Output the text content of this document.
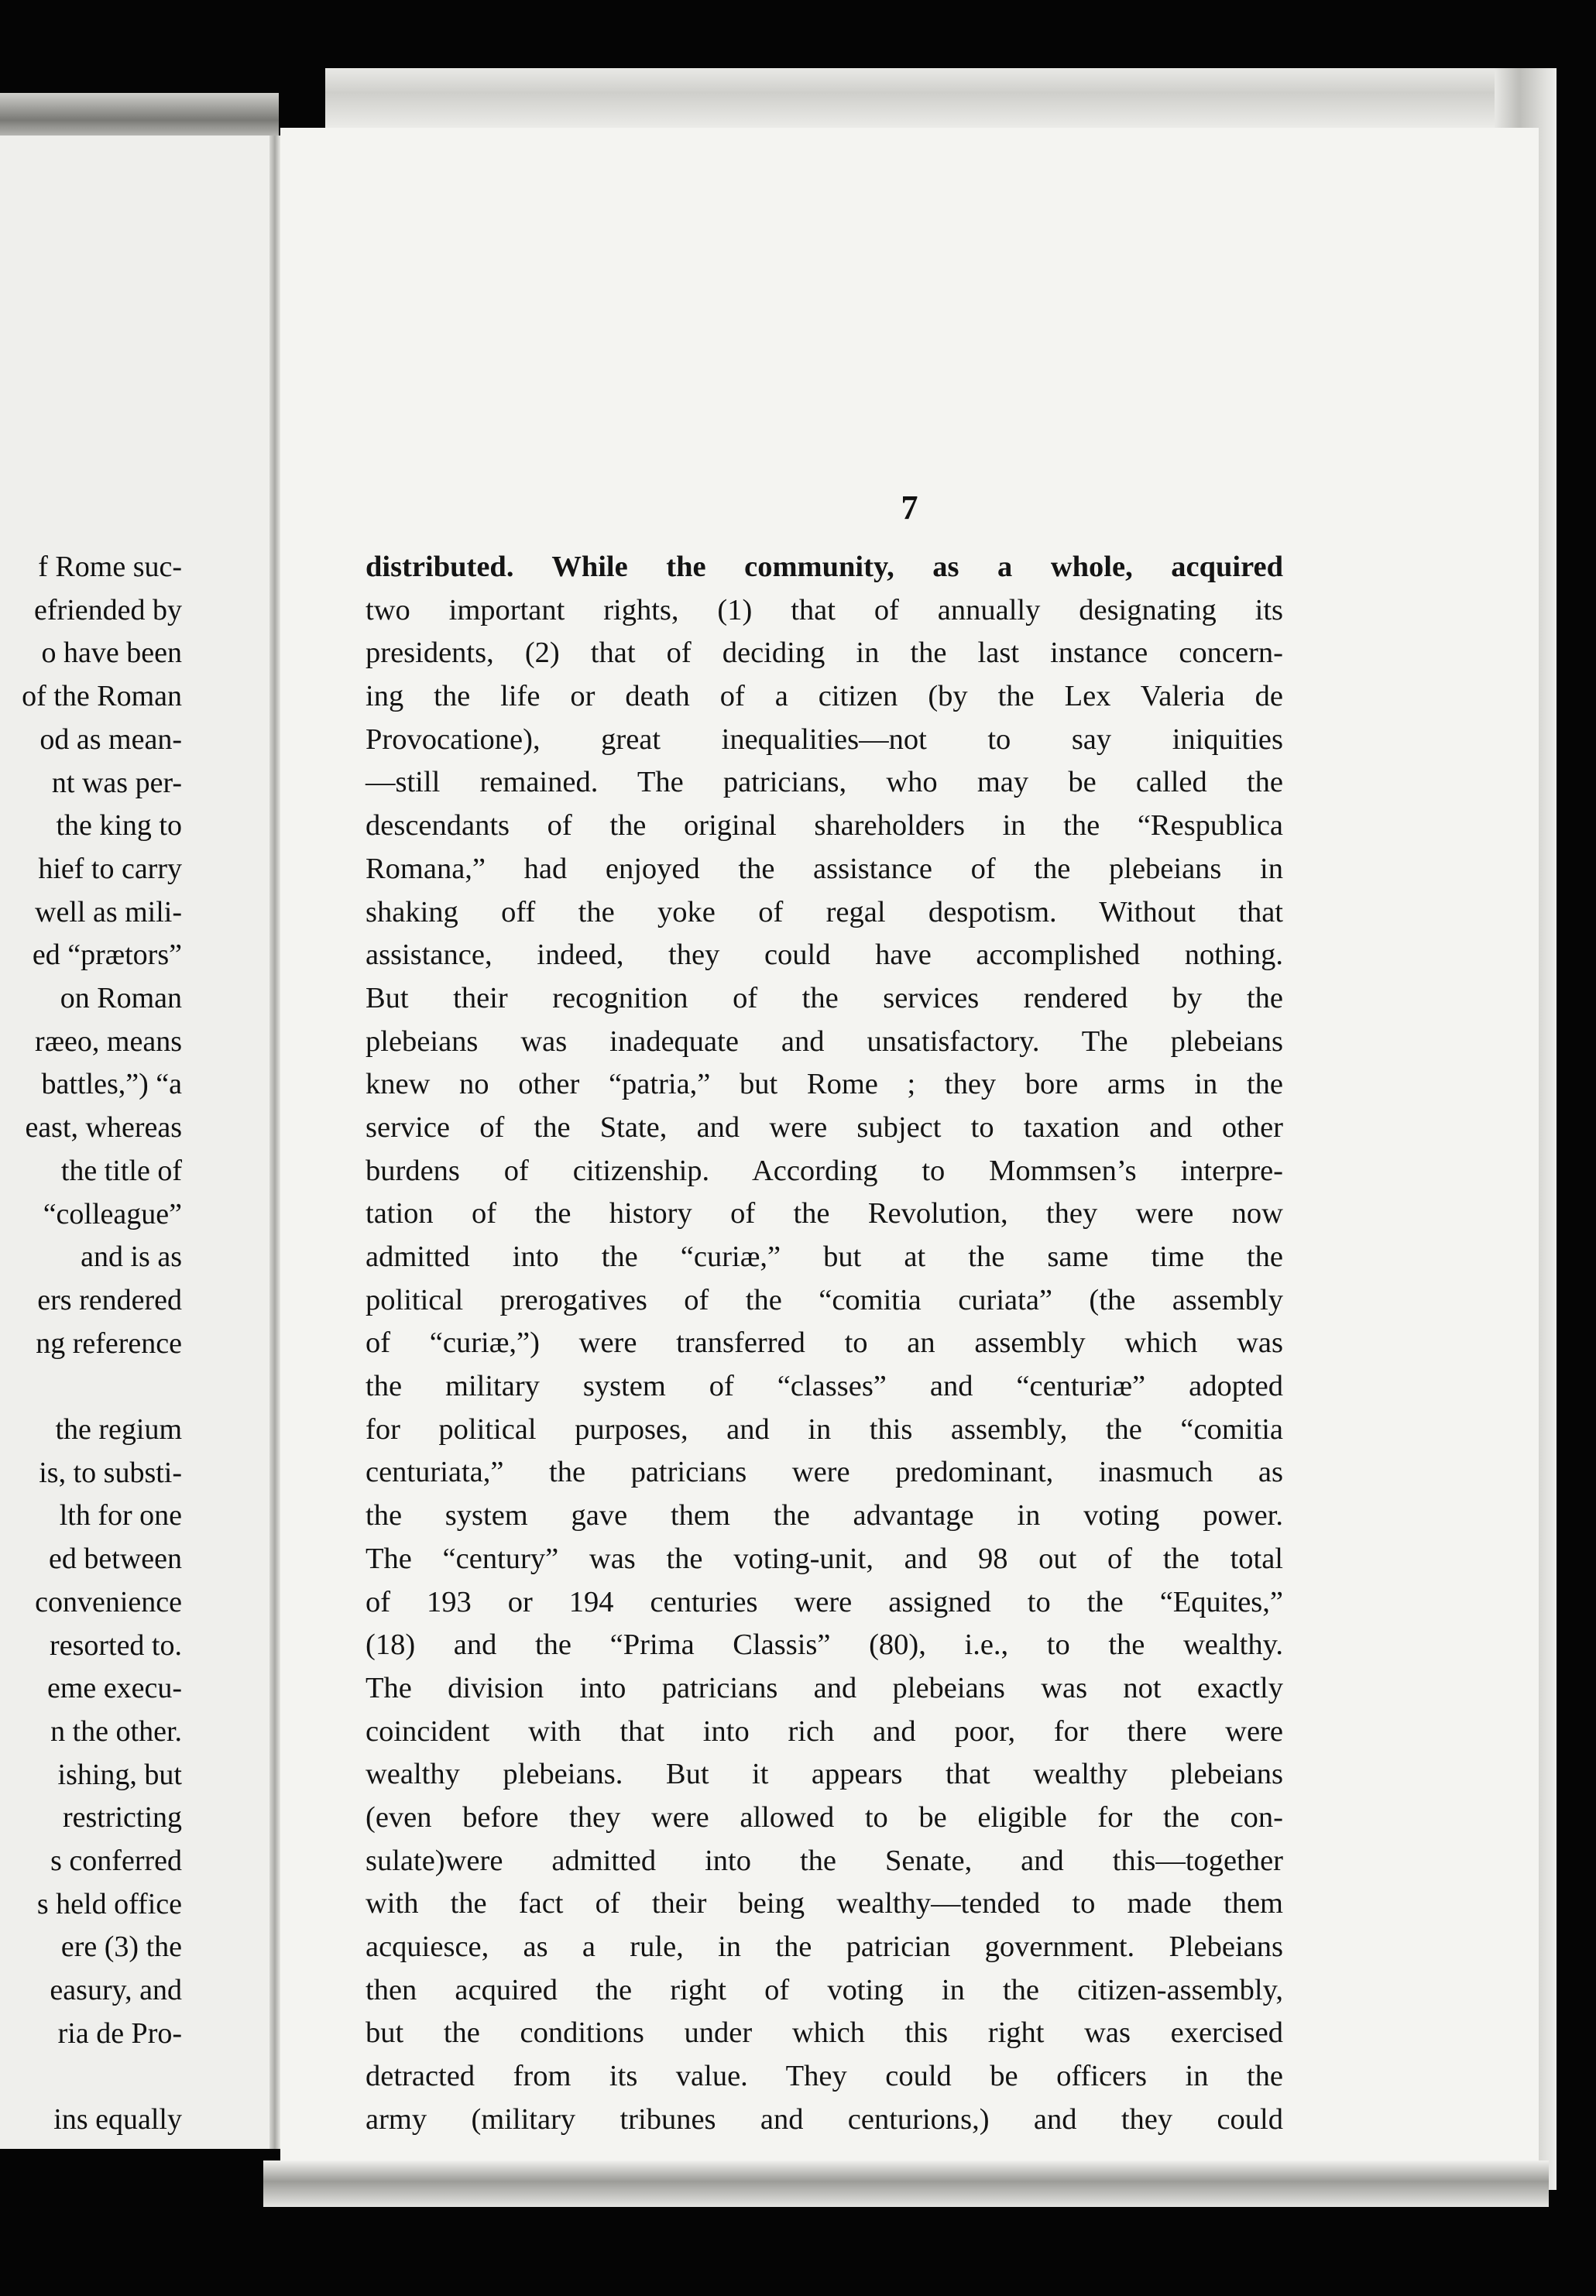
f Rome suc-
efriended by
o have been
of the Roman
od as mean-
nt was per-
the king to
hief to carry
well as mili-
ed “prætors”
on Roman
ræeo, means
battles,”) “a
east, whereas
the title of
“colleague”
and is as
ers rendered
ng reference
the regium
is, to substi-
lth for one
ed between
convenience
resorted to.
eme execu-
n the other.
ishing, but
restricting
s conferred
s held office
ere (3) the
easury, and
ria de Pro-
ins equally
7
distributed. While the community, as a whole, acquired
two important rights, (1) that of annually designating its
presidents, (2) that of deciding in the last instance concern-
ing the life or death of a citizen (by the Lex Valeria de
Provocatione), great inequalities—not to say iniquities
—still remained. The patricians, who may be called the
descendants of the original shareholders in the “Respublica
Romana,” had enjoyed the assistance of the plebeians in
shaking off the yoke of regal despotism. Without that
assistance, indeed, they could have accomplished nothing.
But their recognition of the services rendered by the
plebeians was inadequate and unsatisfactory. The plebeians
knew no other “patria,” but Rome ; they bore arms in the
service of the State, and were subject to taxation and other
burdens of citizenship. According to Mommsen’s interpre-
tation of the history of the Revolution, they were now
admitted into the “curiæ,” but at the same time the
political prerogatives of the “comitia curiata” (the assembly
of “curiæ,”) were transferred to an assembly which was
the military system of “classes” and “centuriæ” adopted
for political purposes, and in this assembly, the “comitia
centuriata,” the patricians were predominant, inasmuch as
the system gave them the advantage in voting power.
The “century” was the voting-unit, and 98 out of the total
of 193 or 194 centuries were assigned to the “Equites,”
(18) and the “Prima Classis” (80), i.e., to the wealthy.
The division into patricians and plebeians was not exactly
coincident with that into rich and poor, for there were
wealthy plebeians. But it appears that wealthy plebeians
(even before they were allowed to be eligible for the con-
sulate)were admitted into the Senate, and this—together
with the fact of their being wealthy—tended to made them
acquiesce, as a rule, in the patrician government. Plebeians
then acquired the right of voting in the citizen-assembly,
but the conditions under which this right was exercised
detracted from its value. They could be officers in the
army (military tribunes and centurions,) and they could
